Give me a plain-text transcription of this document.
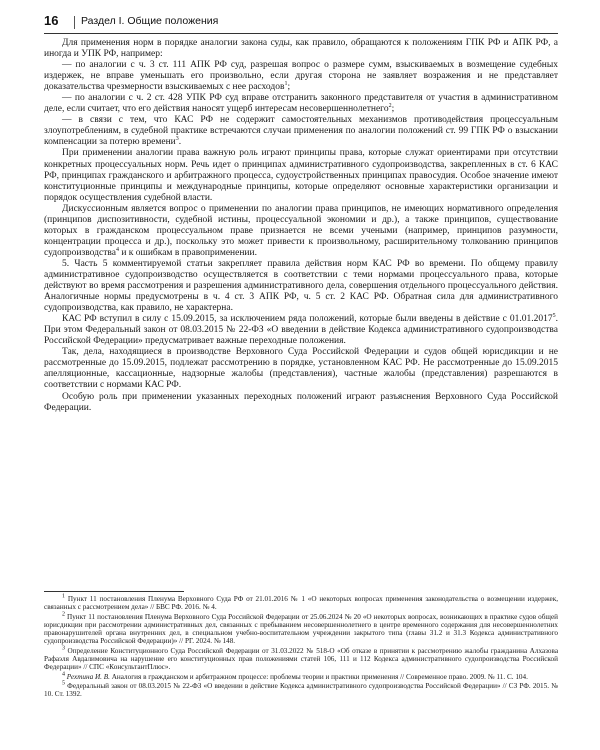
16 Раздел I. Общие положения

Для применения норм в порядке аналогии закона суды, как правило, обращаются к положениям ГПК РФ и АПК РФ, а иногда и УПК РФ, например:

— по аналогии с ч. 3 ст. 111 АПК РФ суд, разрешая вопрос о размере сумм, взыскиваемых в возмещение судебных издержек, не вправе уменьшать его произвольно, если другая сторона не заявляет возражения и не представляет доказательства чрезмерности взыскиваемых с нее расходов$^1$;

— по аналогии с ч. 2 ст. 428 УПК РФ суд вправе отстранить законного представителя от участия в административном деле, если считает, что его действия наносят ущерб интересам несовершеннолетнего$^2$;

— в связи с тем, что КАС РФ не содержит самостоятельных механизмов противодействия процессуальным злоупотреблениям, в судебной практике встречаются случаи применения по аналогии положений ст. 99 ГПК РФ о взыскании компенсации за потерю времени$^3$.

При применении аналогии права важную роль играют принципы права, которые служат ориентирами при отсутствии конкретных процессуальных норм. Речь идет о принципах административного судопроизводства, закрепленных в ст. 6 КАС РФ, принципах гражданского и арбитражного процесса, судоустройственных принципах правосудия. Особое значение имеют конституционные принципы и международные принципы, которые определяют основные характеристики организации и порядок осуществления судебной власти.

Дискуссионным является вопрос о применении по аналогии права принципов, не имеющих нормативного определения (принципов диспозитивности, судебной истины, процессуальной экономии и др.), а также принципов, существование которых в гражданском процессуальном праве признается не всеми учеными (например, принципов разумности, концентрации процесса и др.), поскольку это может привести к произвольному, расширительному толкованию принципов судопроизводства$^4$ и к ошибкам в правоприменении.

5. Часть 5 комментируемой статьи закрепляет правила действия норм КАС РФ во времени. По общему правилу административное судопроизводство осуществляется в соответствии с теми нормами процессуального права, которые действуют во время рассмотрения и разрешения административного дела, совершения отдельного процессуального действия. Аналогичные нормы предусмотрены в ч. 4 ст. 3 АПК РФ, ч. 5 ст. 2 КАС РФ. Обратная сила для административного судопроизводства, как правило, не характерна.

КАС РФ вступил в силу с 15.09.2015, за исключением ряда положений, которые были введены в действие с 01.01.2017$^5$. При этом Федеральный закон от 08.03.2015 № 22-ФЗ «О введении в действие Кодекса административного судопроизводства Российской Федерации» предусматривает важные переходные положения.

Так, дела, находящиеся в производстве Верховного Суда Российской Федерации и судов общей юрисдикции и не рассмотренные до 15.09.2015, подлежат рассмотрению в порядке, установленном КАС РФ. Не рассмотренные до 15.09.2015 апелляционные, кассационные, надзорные жалобы (представления), частные жалобы (представления) разрешаются в соответствии с нормами КАС РФ.

Особую роль при применении указанных переходных положений играют разъяснения Верховного Суда Российской Федерации.

$^1$ Пункт 11 постановления Пленума Верховного Суда РФ от 21.01.2016 № 1 «О некоторых вопросах применения законодательства о возмещении издержек, связанных с рассмотрением дела» // БВС РФ. 2016. № 4.

$^2$ Пункт 11 постановления Пленума Верховного Суда Российской Федерации от 25.06.2024 № 20 «О некоторых вопросах, возникающих в практике судов общей юрисдикции при рассмотрении административных дел, связанных с пребыванием несовершеннолетнего в центре временного содержания для несовершеннолетних правонарушителей органа внутренних дел, в специальном учебно-воспитательном учреждении закрытого типа (главы 31.2 и 31.3 Кодекса административного судопроизводства Российской Федерации)» // РГ. 2024. № 148.

$^3$ Определение Конституционного Суда Российской Федерации от 31.03.2022 № 518-О «Об отказе в принятии к рассмотрению жалобы гражданина Алхазова Рафаэля Авдалимовича на нарушение его конституционных прав положениями статей 106, 111 и 112 Кодекса административного судопроизводства Российской Федерации» // СПС «КонсультантПлюс».

$^4$ Рехтина И. В. Аналогия в гражданском и арбитражном процессе: проблемы теории и практики применения // Современное право. 2009. № 11. С. 104.

$^5$ Федеральный закон от 08.03.2015 № 22-ФЗ «О введении в действие Кодекса административного судопроизводства Российской Федерации» // СЗ РФ. 2015. № 10. Ст. 1392.
